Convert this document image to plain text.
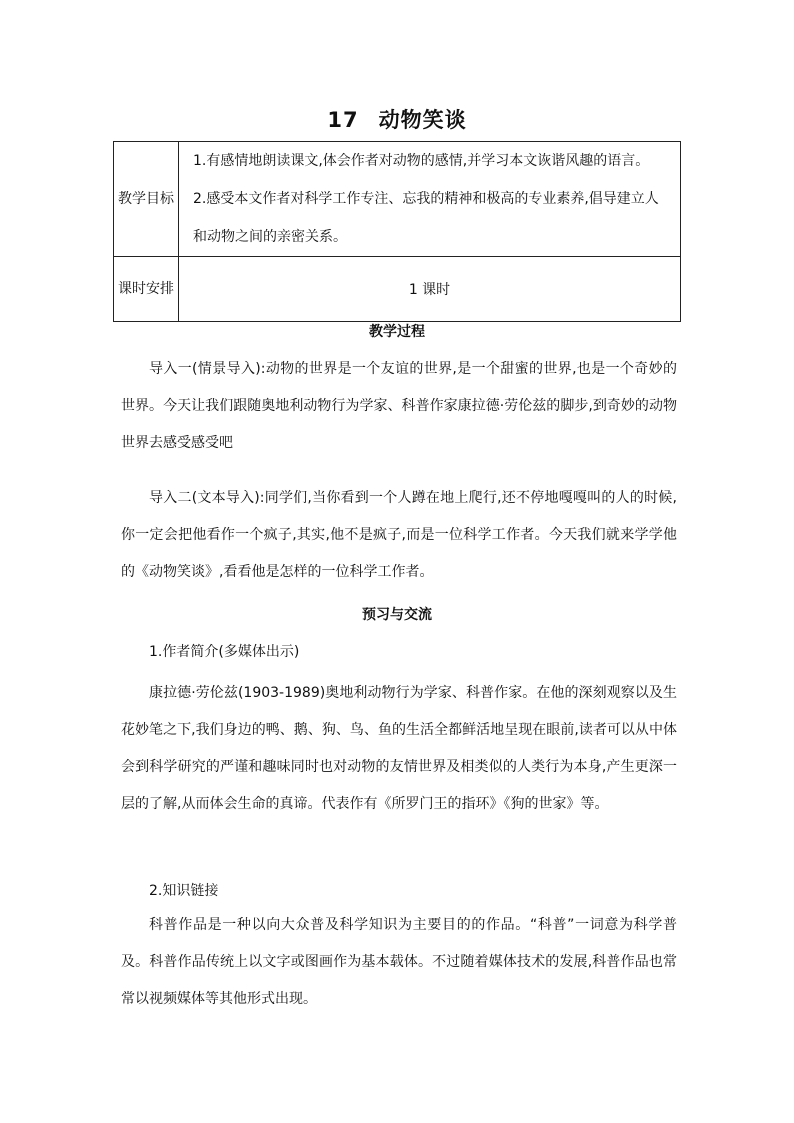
17 动物笑谈
教学目标	1.有感情地朗读课文,体会作者对动物的感情,并学习本文诙谐风趣的语言。

2.感受本文作者对科学工作专注、忘我的精神和极高的专业素养,倡导建立人和动物之间的亲密关系。

课时安排	1 课时
教学过程

导入一(情景导入):动物的世界是一个友谊的世界,是一个甜蜜的世界,也是一个奇妙的世界。今天让我们跟随奥地利动物行为学家、科普作家康拉德·劳伦兹的脚步,到奇妙的动物世界去感受感受吧

导入二(文本导入):同学们,当你看到一个人蹲在地上爬行,还不停地嘎嘎叫的人的时候,你一定会把他看作一个疯子,其实,他不是疯子,而是一位科学工作者。今天我们就来学学他的《动物笑谈》,看看他是怎样的一位科学工作者。

预习与交流

1.作者简介(多媒体出示)

康拉德·劳伦兹(1903-1989)奥地利动物行为学家、科普作家。在他的深刻观察以及生花妙笔之下,我们身边的鸭、鹅、狗、鸟、鱼的生活全都鲜活地呈现在眼前,读者可以从中体会到科学研究的严谨和趣味同时也对动物的友情世界及相类似的人类行为本身,产生更深一层的了解,从而体会生命的真谛。代表作有《所罗门王的指环》《狗的世家》等。

2.知识链接

科普作品是一种以向大众普及科学知识为主要目的的作品。“科普”一词意为科学普及。科普作品传统上以文字或图画作为基本载体。不过随着媒体技术的发展,科普作品也常常以视频媒体等其他形式出现。
